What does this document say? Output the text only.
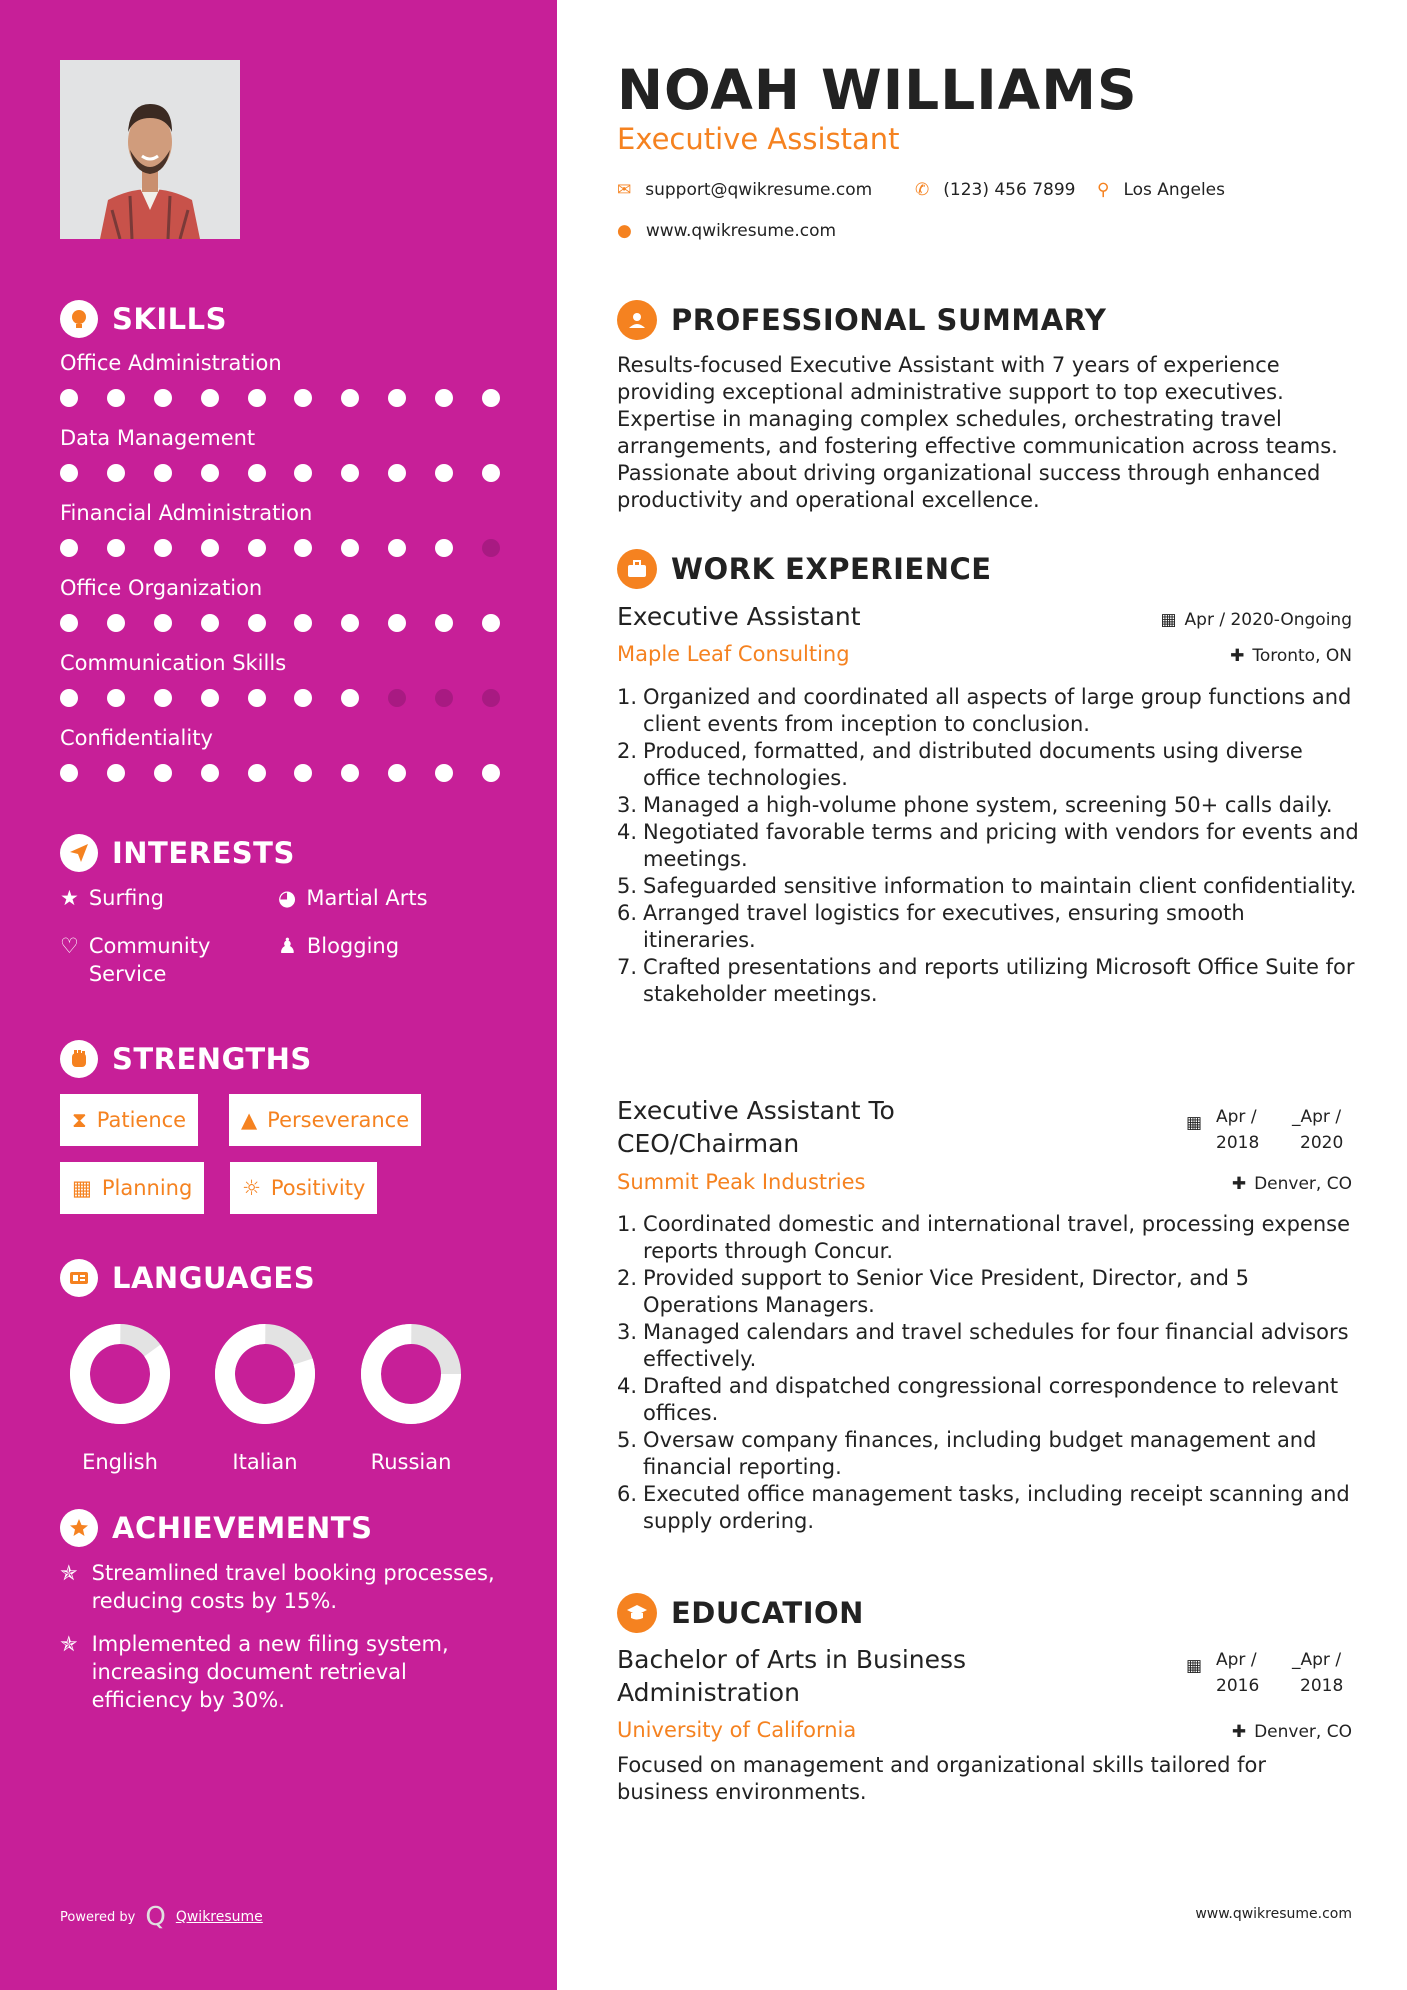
SKILLS
Office Administration
Data Management
Financial Administration
Office Organization
Communication Skills
Confidentiality
INTERESTS
★ Surfing	◕ Martial Arts
♡ Community Service
♟ Blogging
STRENGTHS
⧗ Patience	▲ Perseverance
▦ Planning ☼ Positivity
LANGUAGES
English	Italian	Russian
ACHIEVEMENTS
✯ Streamlined travel booking processes, reducing costs by 15%.
✯ Implemented a new filing system, increasing document retrieval efficiency by 30%.
Powered by Q Qwikresume
NOAH WILLIAMS
Executive Assistant
✉ support@qwikresume.com	✆ (123) 456 7899 ⚲ Los Angeles
● www.qwikresume.com
PROFESSIONAL SUMMARY
Results-focused Executive Assistant with 7 years of experience providing exceptional administrative support to top executives. Expertise in managing complex schedules, orchestrating travel arrangements, and fostering effective communication across teams. Passionate about driving organizational success through enhanced productivity and operational excellence.
WORK EXPERIENCE
Executive Assistant	▦ Apr / 2020-Ongoing
Maple Leaf Consulting	✚ Toronto, ON
1. Organized and coordinated all aspects of large group functions and client events from inception to conclusion.
2. Produced, formatted, and distributed documents using diverse office technologies.
3. Managed a high-volume phone system, screening 50+ calls daily.
4. Negotiated favorable terms and pricing with vendors for events and meetings.
5. Safeguarded sensitive information to maintain client confidentiality.
6. Arranged travel logistics for executives, ensuring smooth itineraries.
7. Crafted presentations and reports utilizing Microsoft Office Suite for stakeholder meetings.
Executive Assistant To CEO/Chairman
▦ Apr /
2018
_Apr /
2020
Summit Peak Industries	✚ Denver, CO
1. Coordinated domestic and international travel, processing expense reports through Concur.
2. Provided support to Senior Vice President, Director, and 5 Operations Managers.
3. Managed calendars and travel schedules for four financial advisors effectively.
4. Drafted and dispatched congressional correspondence to relevant offices.
5. Oversaw company finances, including budget management and financial reporting.
6. Executed office management tasks, including receipt scanning and supply ordering.
EDUCATION
Bachelor of Arts in Business Administration
▦ Apr /
2016
_Apr /
2018
University of California	✚ Denver, CO
Focused on management and organizational skills tailored for business environments.
www.qwikresume.com
